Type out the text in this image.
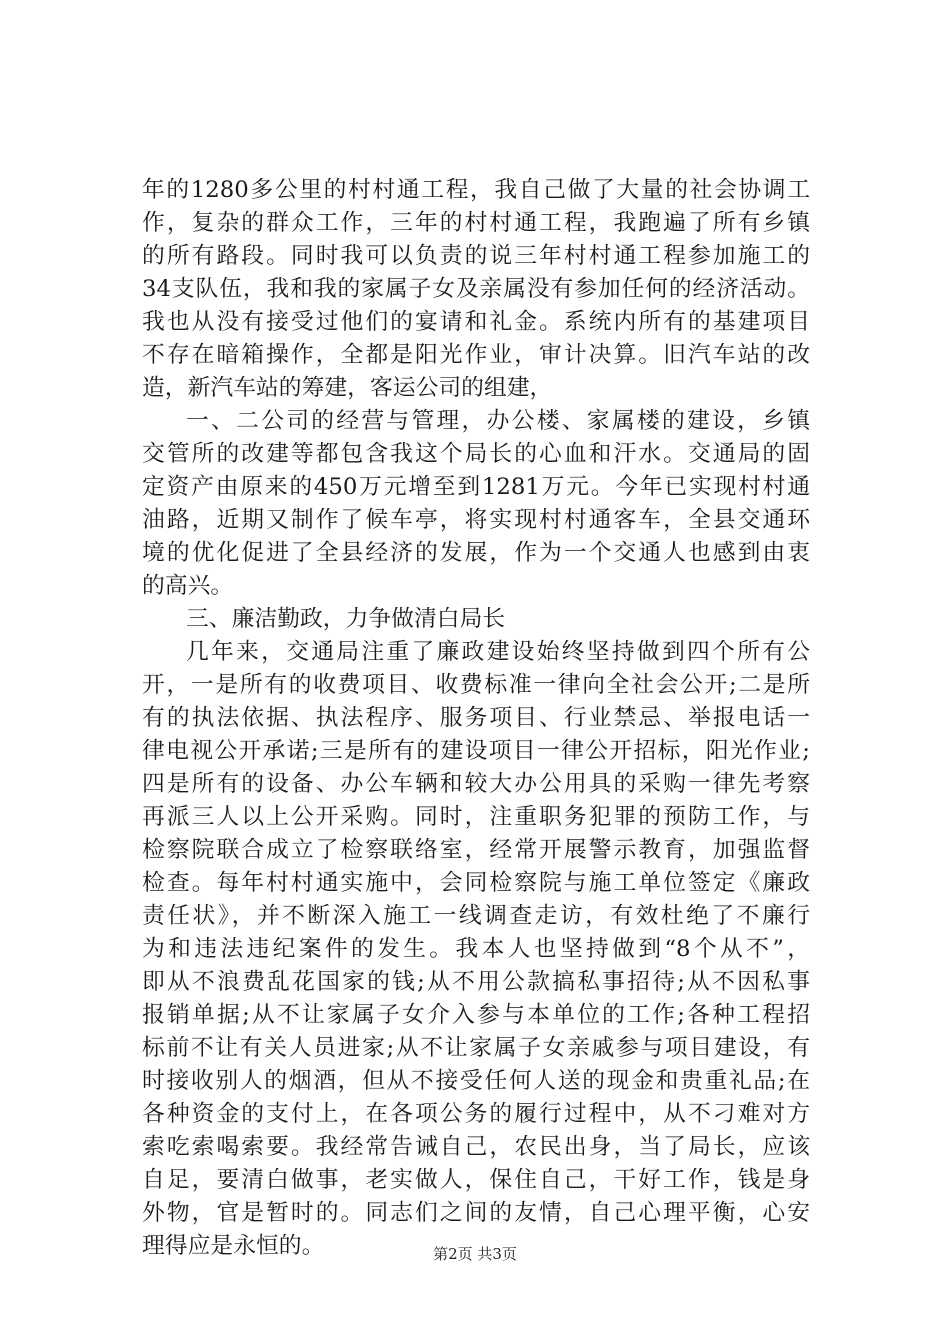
年的1280多公里的村村通工程，我自己做了大量的社会协调工
作，复杂的群众工作，三年的村村通工程，我跑遍了所有乡镇
的所有路段。同时我可以负责的说三年村村通工程参加施工的
34支队伍，我和我的家属子女及亲属没有参加任何的经济活动。
我也从没有接受过他们的宴请和礼金。系统内所有的基建项目
不存在暗箱操作，全都是阳光作业，审计决算。旧汽车站的改
造，新汽车站的筹建，客运公司的组建，
一、二公司的经营与管理，办公楼、家属楼的建设，乡镇
交管所的改建等都包含我这个局长的心血和汗水。交通局的固
定资产由原来的450万元增至到1281万元。今年已实现村村通
油路，近期又制作了候车亭，将实现村村通客车，全县交通环
境的优化促进了全县经济的发展，作为一个交通人也感到由衷
的高兴。
三、廉洁勤政，力争做清白局长
几年来，交通局注重了廉政建设始终坚持做到四个所有公
开，一是所有的收费项目、收费标准一律向全社会公开;二是所
有的执法依据、执法程序、服务项目、行业禁忌、举报电话一
律电视公开承诺;三是所有的建设项目一律公开招标，阳光作业;
四是所有的设备、办公车辆和较大办公用具的采购一律先考察
再派三人以上公开采购。同时，注重职务犯罪的预防工作，与
检察院联合成立了检察联络室，经常开展警示教育，加强监督
检查。每年村村通实施中，会同检察院与施工单位签定《廉政
责任状》，并不断深入施工一线调查走访，有效杜绝了不廉行
为和违法违纪案件的发生。我本人也坚持做到“8个从不”，
即从不浪费乱花国家的钱;从不用公款搞私事招待;从不因私事
报销单据;从不让家属子女介入参与本单位的工作;各种工程招
标前不让有关人员进家;从不让家属子女亲戚参与项目建设，有
时接收别人的烟酒，但从不接受任何人送的现金和贵重礼品;在
各种资金的支付上，在各项公务的履行过程中，从不刁难对方
索吃索喝索要。我经常告诫自己，农民出身，当了局长，应该
自足，要清白做事，老实做人，保住自己，干好工作，钱是身
外物，官是暂时的。同志们之间的友情，自己心理平衡，心安
理得应是永恒的。	第2页 共3页
